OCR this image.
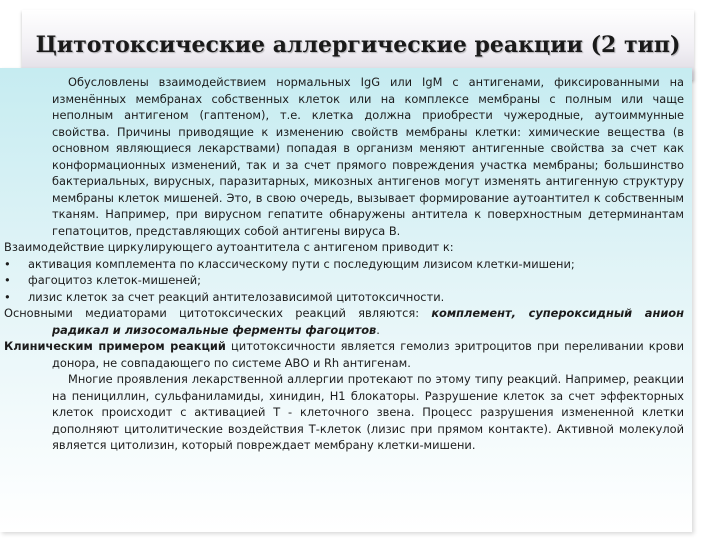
Цитотоксические аллергические реакции (2 тип)

Обусловлены взаимодействием нормальных IgG или IgM с антигенами, фиксированными на изменённых мембранах собственных клеток или на комплексе мембраны с полным или чаще неполным антигеном (гаптеном), т.е. клетка должна приобрести чужеродные, аутоиммунные свойства. Причины приводящие к изменению свойств мембраны клетки: химические вещества (в основном являющиеся лекарствами) попадая в организм меняют антигенные свойства за счет как конформационных изменений, так и за счет прямого повреждения участка мембраны; большинство бактериальных, вирусных, паразитарных, микозных антигенов могут изменять антигенную структуру мембраны клеток мишеней. Это, в свою очередь, вызывает формирование аутоантител к собственным тканям. Например, при вирусном гепатите обнаружены антитела к поверхностным детерминантам гепатоцитов, представляющих собой антигены вируса В.

Взаимодействие циркулирующего аутоантитела с антигеном приводит к:

•	активация комплемента по классическому пути с последующим лизисом клетки-мишени;
•	фагоцитоз клеток-мишеней;
•	лизис клеток за счет реакций антителозависимой цитотоксичности.

Основными медиаторами цитотоксических реакций являются: комплемент, супероксидный анион радикал и лизосомальные ферменты фагоцитов.

Клиническим примером реакций цитотоксичности является гемолиз эритроцитов при переливании крови донора, не совпадающего по системе АВО и Rh антигенам.

Многие проявления лекарственной аллергии протекают по этому типу реакций. Например, реакции на пенициллин, сульфаниламиды, хинидин, Н1 блокаторы. Разрушение клеток за счет эффекторных клеток происходит с активацией Т - клеточного звена. Процесс разрушения измененной клетки дополняют цитолитические воздействия Т-клеток (лизис при прямом контакте). Активной молекулой является цитолизин, который повреждает мембрану клетки-мишени.
